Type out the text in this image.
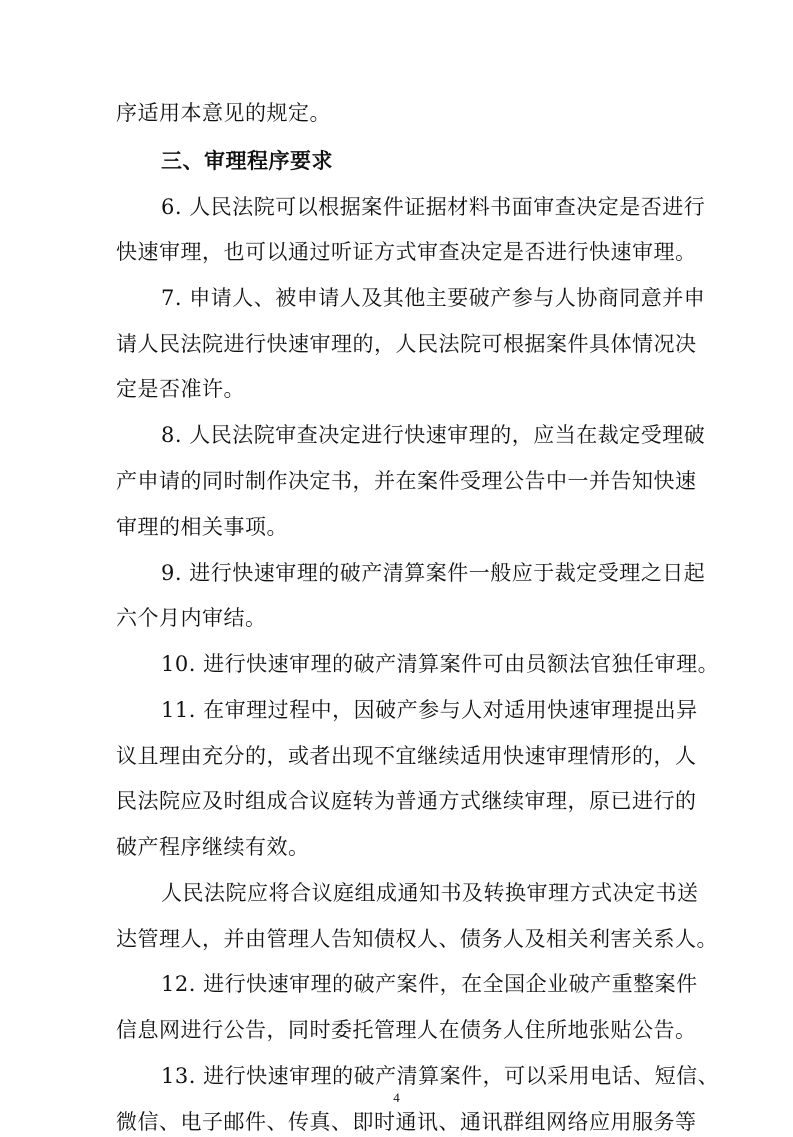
序适用本意见的规定。
三、审理程序要求
6. 人民法院可以根据案件证据材料书面审查决定是否进行
快速审理，也可以通过听证方式审查决定是否进行快速审理。
7. 申请人、被申请人及其他主要破产参与人协商同意并申
请人民法院进行快速审理的，人民法院可根据案件具体情况决
定是否准许。
8. 人民法院审查决定进行快速审理的，应当在裁定受理破
产申请的同时制作决定书，并在案件受理公告中一并告知快速
审理的相关事项。
9. 进行快速审理的破产清算案件一般应于裁定受理之日起
六个月内审结。
10. 进行快速审理的破产清算案件可由员额法官独任审理。
11. 在审理过程中，因破产参与人对适用快速审理提出异
议且理由充分的，或者出现不宜继续适用快速审理情形的，人
民法院应及时组成合议庭转为普通方式继续审理，原已进行的
破产程序继续有效。
人民法院应将合议庭组成通知书及转换审理方式决定书送
达管理人，并由管理人告知债权人、债务人及相关利害关系人。
12. 进行快速审理的破产案件，在全国企业破产重整案件
信息网进行公告，同时委托管理人在债务人住所地张贴公告。
13. 进行快速审理的破产清算案件，可以采用电话、短信、
微信、电子邮件、传真、即时通讯、通讯群组网络应用服务等
4
